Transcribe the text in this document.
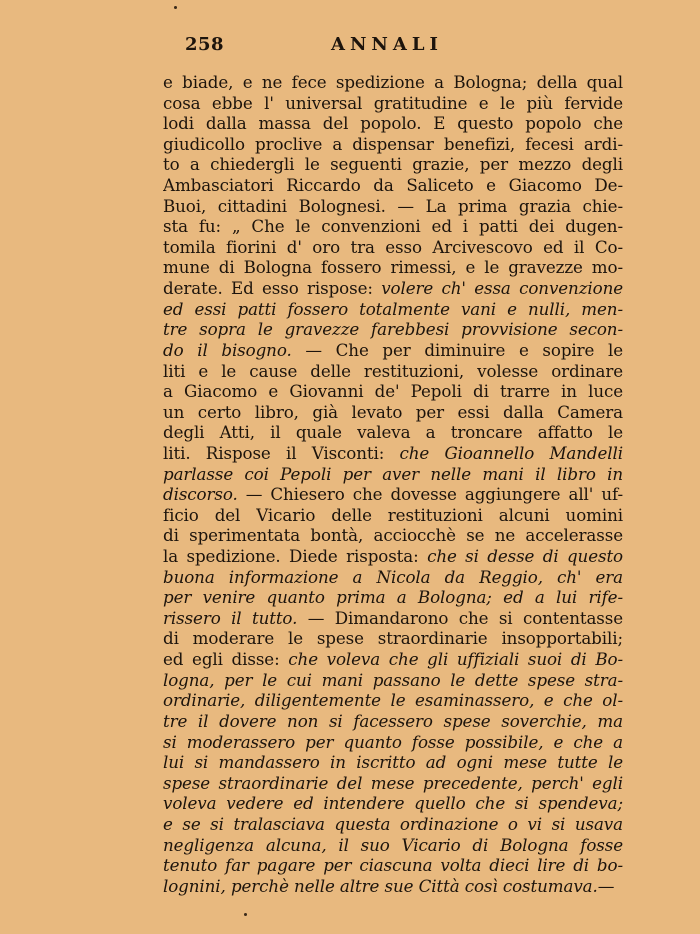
258	ANNALI
e biade, e ne fece spedizione a Bologna; della qual
cosa ebbe l' universal gratitudine e le più fervide
lodi dalla massa del popolo. E questo popolo che
giudicollo proclive a dispensar benefizi, fecesi ardi-
to a chiedergli le seguenti grazie, per mezzo degli
Ambasciatori Riccardo da Saliceto e Giacomo De-
Buoi, cittadini Bolognesi. — La prima grazia chie-
sta fu: „ Che le convenzioni ed i patti dei dugen-
tomila fiorini d' oro tra esso Arcivescovo ed il Co-
mune di Bologna fossero rimessi, e le gravezze mo-
derate. Ed esso rispose: volere ch' essa convenzione
ed essi patti fossero totalmente vani e nulli, men-
tre sopra le gravezze farebbesi provvisione secon-
do il bisogno. — Che per diminuire e sopire le
liti e le cause delle restituzioni, volesse ordinare
a Giacomo e Giovanni de' Pepoli di trarre in luce
un certo libro, già levato per essi dalla Camera
degli Atti, il quale valeva a troncare affatto le
liti. Rispose il Visconti: che Gioannello Mandelli
parlasse coi Pepoli per aver nelle mani il libro in
discorso. — Chiesero che dovesse aggiungere all' uf-
ficio del Vicario delle restituzioni alcuni uomini
di sperimentata bontà, acciocchè se ne accelerasse
la spedizione. Diede risposta: che si desse di questo
buona informazione a Nicola da Reggio, ch' era
per venire quanto prima a Bologna; ed a lui rife-
rissero il tutto. — Dimandarono che si contentasse
di moderare le spese straordinarie insopportabili;
ed egli disse: che voleva che gli uffiziali suoi di Bo-
logna, per le cui mani passano le dette spese stra-
ordinarie, diligentemente le esaminassero, e che ol-
tre il dovere non si facessero spese soverchie, ma
si moderassero per quanto fosse possibile, e che a
lui si mandassero in iscritto ad ogni mese tutte le
spese straordinarie del mese precedente, perch' egli
voleva vedere ed intendere quello che si spendeva;
e se si tralasciava questa ordinazione o vi si usava
negligenza alcuna, il suo Vicario di Bologna fosse
tenuto far pagare per ciascuna volta dieci lire di bo-
lognini, perchè nelle altre sue Città così costumava.—
